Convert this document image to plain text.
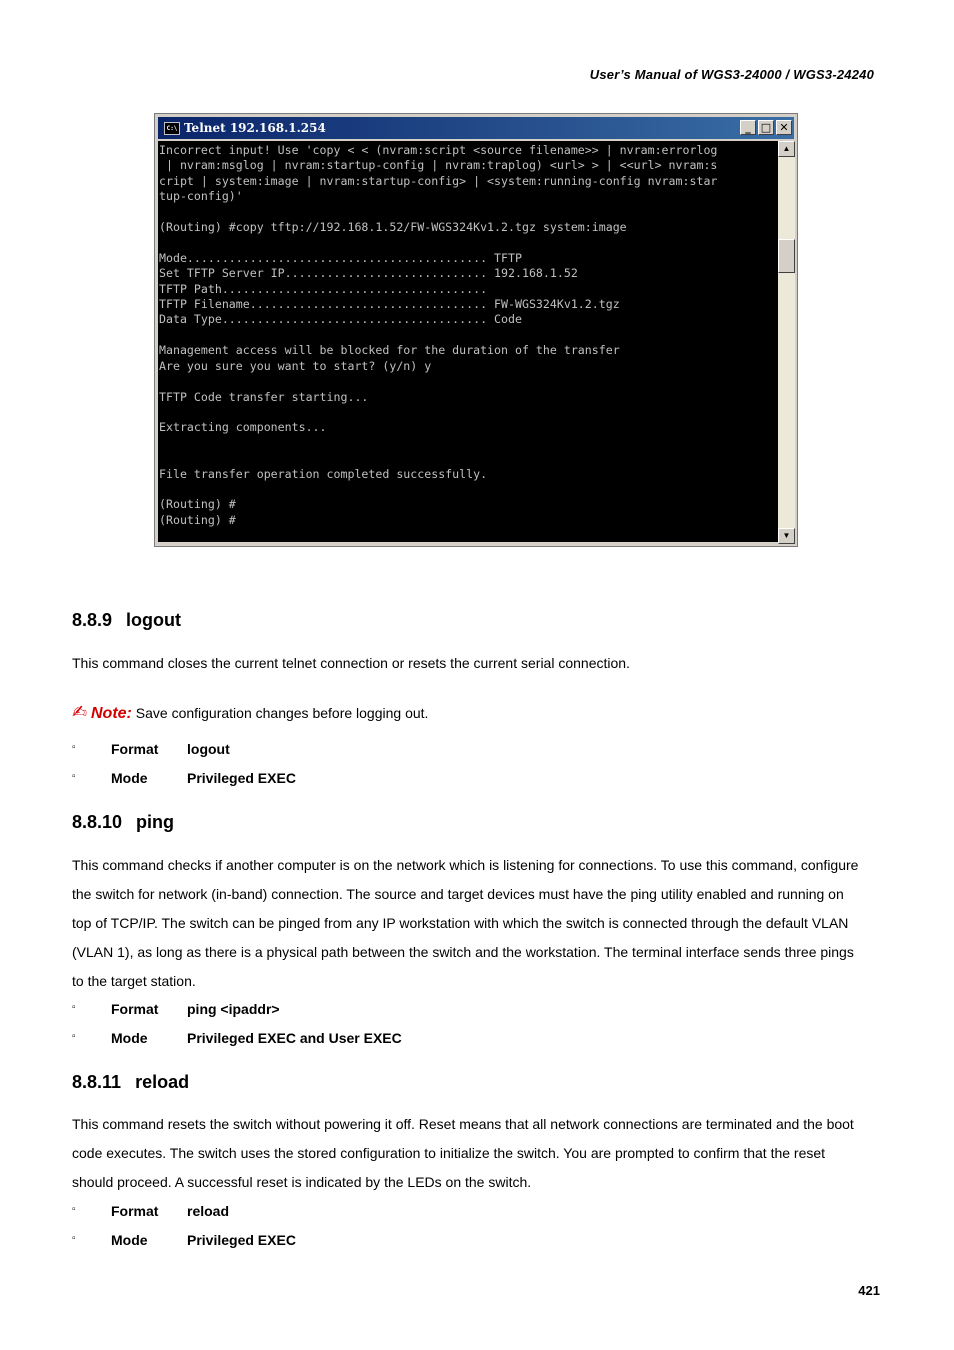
User’s Manual of WGS3-24000 / WGS3-24240
C:\ Telnet 192.168.1.254	_ □ ✕
Incorrect input! Use 'copy < < (nvram:script <source filename>> | nvram:errorlog
| nvram:msglog | nvram:startup-config | nvram:traplog) <url> > | <<url> nvram:s
cript | system:image | nvram:startup-config> | <system:running-config nvram:star
tup-config)'

(Routing) #copy tftp://192.168.1.52/FW-WGS324Kv1.2.tgz system:image

Mode........................................... TFTP
Set TFTP Server IP............................. 192.168.1.52
TFTP Path......................................
TFTP Filename.................................. FW-WGS324Kv1.2.tgz
Data Type...................................... Code

Management access will be blocked for the duration of the transfer
Are you sure you want to start? (y/n) y

TFTP Code transfer starting...

Extracting components...

File transfer operation completed successfully.

(Routing) #
(Routing) #
▲
▼
8.8.9 logout

This command closes the current telnet connection or resets the current serial connection.

✍ Note: Save configuration changes before logging out.
▫	Format logout
▫	Mode	Privileged EXEC
8.8.10 ping

This command checks if another computer is on the network which is listening for connections. To use this command, configure
the switch for network (in-band) connection. The source and target devices must have the ping utility enabled and running on
top of TCP/IP. The switch can be pinged from any IP workstation with which the switch is connected through the default VLAN
(VLAN 1), as long as there is a physical path between the switch and the workstation. The terminal interface sends three pings
to the target station.

▫	Format ping <ipaddr>
▫	Mode	Privileged EXEC and User EXEC
8.8.11 reload

This command resets the switch without powering it off. Reset means that all network connections are terminated and the boot
code executes. The switch uses the stored configuration to initialize the switch. You are prompted to confirm that the reset
should proceed. A successful reset is indicated by the LEDs on the switch.

▫	Format reload
▫	Mode	Privileged EXEC
421
